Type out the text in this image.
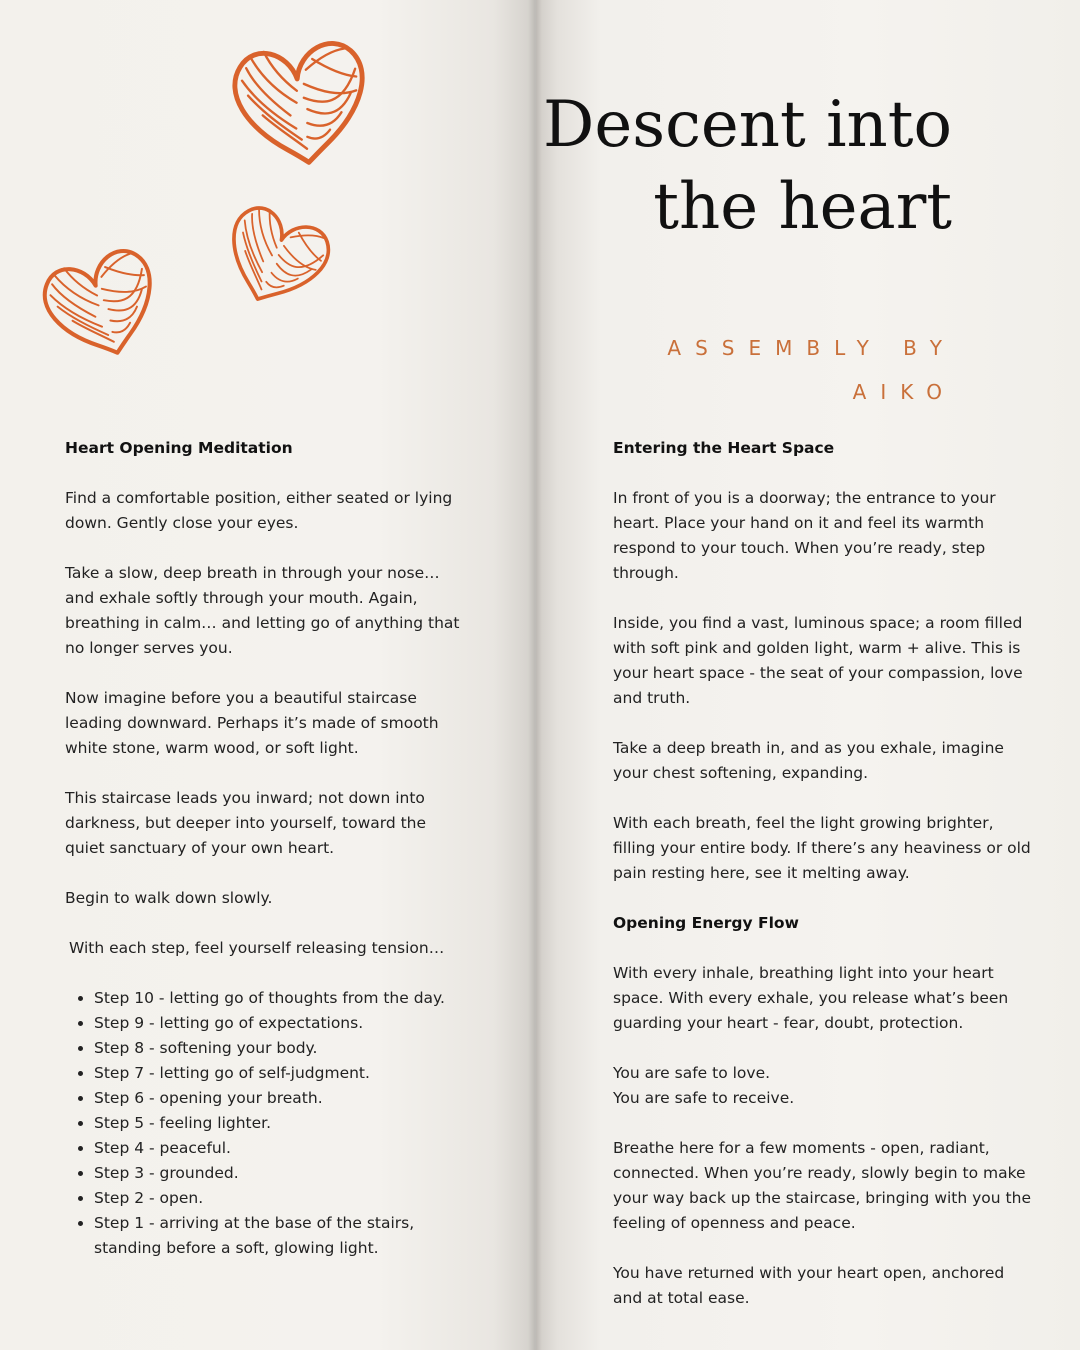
Descent into
the heart
ASSEMBLY BY
AIKO
Heart Opening Meditation

Find a comfortable position, either seated or lying down. Gently close your eyes.

Take a slow, deep breath in through your nose… and exhale softly through your mouth. Again, breathing in calm… and letting go of anything that no longer serves you.

Now imagine before you a beautiful staircase leading downward. Perhaps it’s made of smooth white stone, warm wood, or soft light.

This staircase leads you inward; not down into darkness, but deeper into yourself, toward the quiet sanctuary of your own heart.

Begin to walk down slowly.

With each step, feel yourself releasing tension…

• Step 10 - letting go of thoughts from the day.
• Step 9 - letting go of expectations.
• Step 8 - softening your body.
• Step 7 - letting go of self-judgment.
• Step 6 - opening your breath.
• Step 5 - feeling lighter.
• Step 4 - peaceful.
• Step 3 - grounded.
• Step 2 - open.
• Step 1 - arriving at the base of the stairs, standing before a soft, glowing light.
Entering the Heart Space

In front of you is a doorway; the entrance to your heart. Place your hand on it and feel its warmth respond to your touch. When you’re ready, step through.

Inside, you find a vast, luminous space; a room filled with soft pink and golden light, warm + alive. This is your heart space - the seat of your compassion, love and truth.

Take a deep breath in, and as you exhale, imagine your chest softening, expanding.

With each breath, feel the light growing brighter, filling your entire body. If there’s any heaviness or old pain resting here, see it melting away.

Opening Energy Flow

With every inhale, breathing light into your heart space. With every exhale, you release what’s been guarding your heart - fear, doubt, protection.

You are safe to love.

You are safe to receive.

Breathe here for a few moments - open, radiant, connected. When you’re ready, slowly begin to make your way back up the staircase, bringing with you the feeling of openness and peace.

You have returned with your heart open, anchored and at total ease.
